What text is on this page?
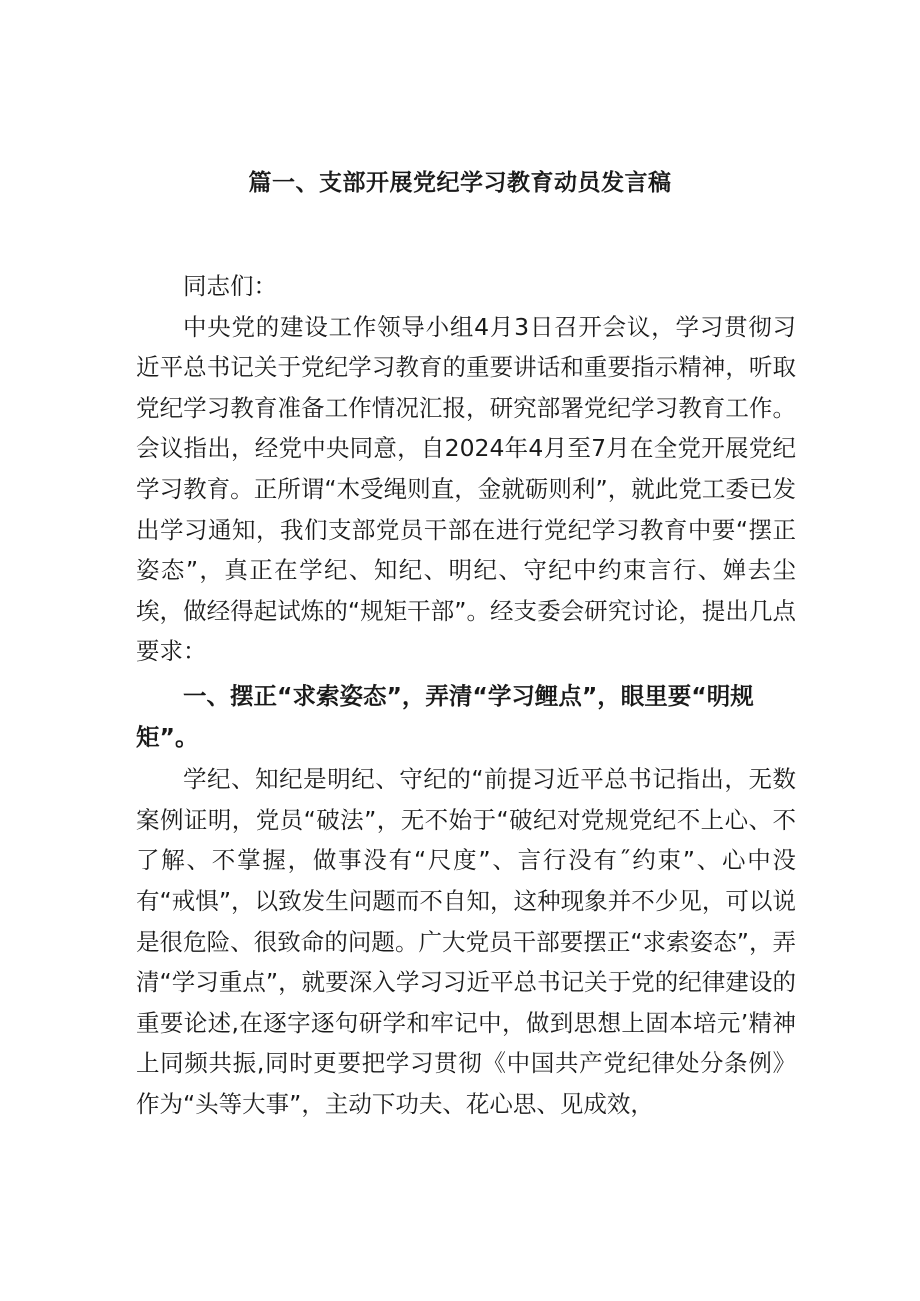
篇一、支部开展党纪学习教育动员发言稿

同志们：

中央党的建设工作领导小组4月3日召开会议，学习贯彻习近平总书记关于党纪学习教育的重要讲话和重要指示精神，听取党纪学习教育准备工作情况汇报，研究部署党纪学习教育工作。会议指出，经党中央同意，自2024年4月至7月在全党开展党纪学习教育。正所谓“木受绳则直，金就砺则利”，就此党工委已发出学习通知，我们支部党员干部在进行党纪学习教育中要“摆正姿态”，真正在学纪、知纪、明纪、守纪中约束言行、婵去尘埃，做经得起试炼的“规矩干部”。经支委会研究讨论，提出几点要求：

一、摆正“求索姿态”，弄清“学习鲤点”，眼里要“明规矩”。

学纪、知纪是明纪、守纪的“前提习近平总书记指出，无数案例证明，党员“破法”，无不始于“破纪对党规党纪不上心、不了解、不掌握，做事没有“尺度”、言行没有˝约束”、心中没有“戒惧”，以致发生问题而不自知，这种现象并不少见，可以说是很危险、很致命的问题。广大党员干部要摆正“求索姿态”，弄清“学习重点”，就要深入学习习近平总书记关于党的纪律建设的重要论述,在逐字逐句研学和牢记中，做到思想上固本培元’精神上同频共振,同时更要把学习贯彻《中国共产党纪律处分条例》作为“头等大事”，主动下功夫、花心思、见成效，
